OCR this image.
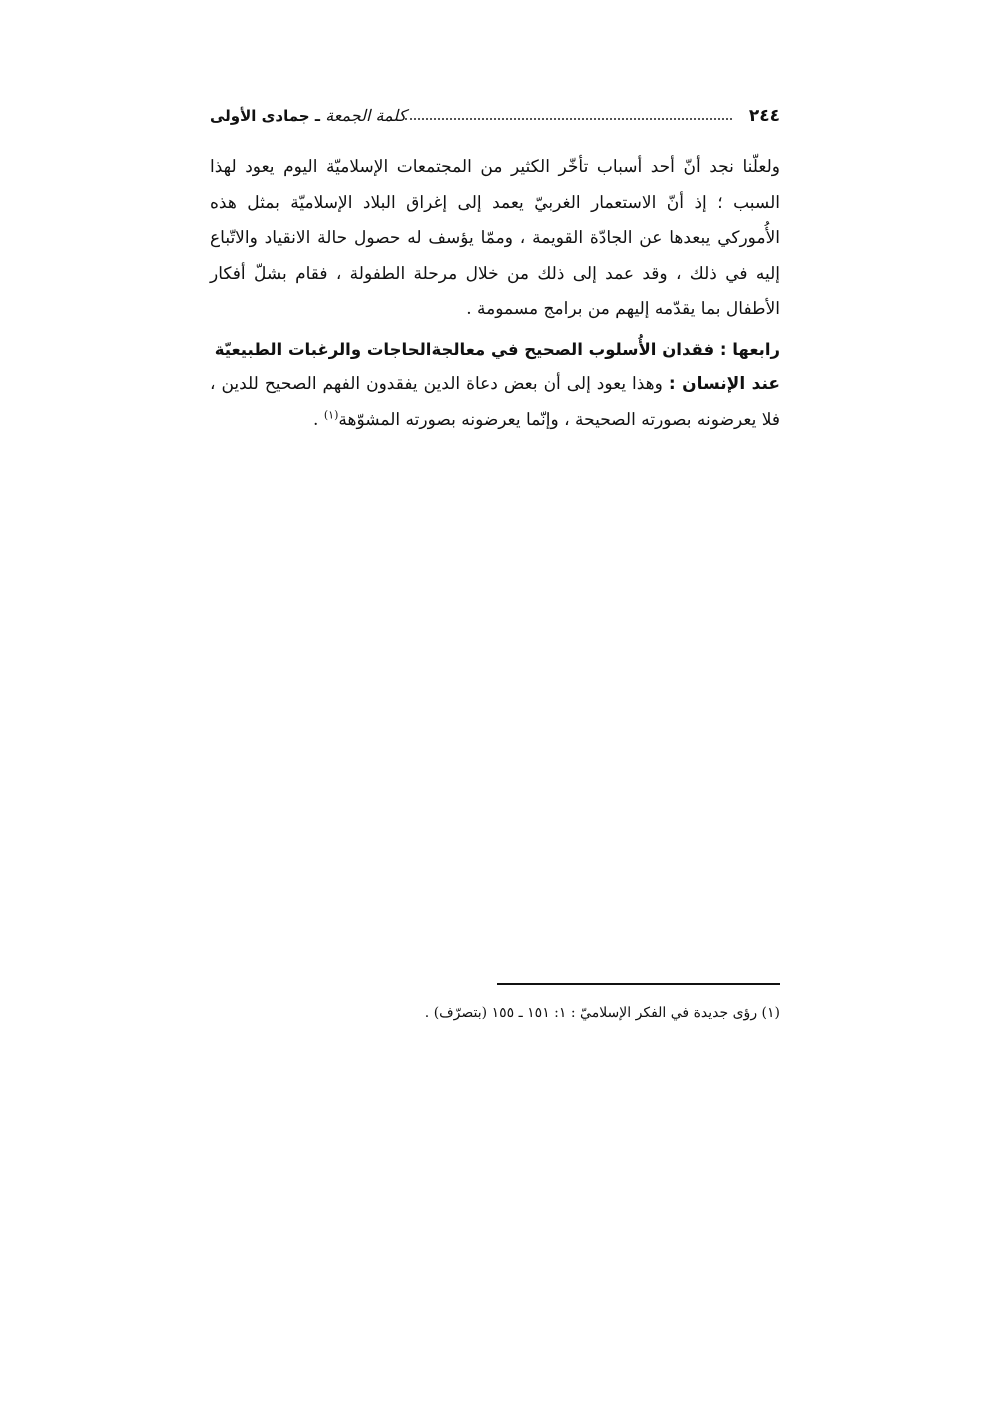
٢٤٤
كلمة الجمعة ـ جمادى الأولى

ولعلّنا نجد أنّ أحد أسباب تأخّر الكثير من المجتمعات الإسلاميّة اليوم يعود لهذا السبب ؛ إذ أنّ الاستعمار الغربيّ يعمد إلى إغراق البلاد الإسلاميّة بمثل هذه الأُموركي يبعدها عن الجادّة القويمة ، وممّا يؤسف له حصول حالة الانقياد والاتّباع إليه في ذلك ، وقد عمد إلى ذلك من خلال مرحلة الطفولة ، فقام بشلّ أفكار الأطفال بما يقدّمه إليهم من برامج مسمومة .

رابعها : فقدان الأُسلوب الصحيح في معالجةالحاجات والرغبات الطبيعيّة

عند الإنسان : وهذا يعود إلى أن بعض دعاة الدين يفقدون الفهم الصحيح للدين ، فلا يعرضونه بصورته الصحيحة ، وإنّما يعرضونه بصورته المشوّهة$^{(١)}$ .

(١) رؤى جديدة في الفكر الإسلاميّ : ١: ١٥١ ـ ١٥٥ (بتصرّف) .
